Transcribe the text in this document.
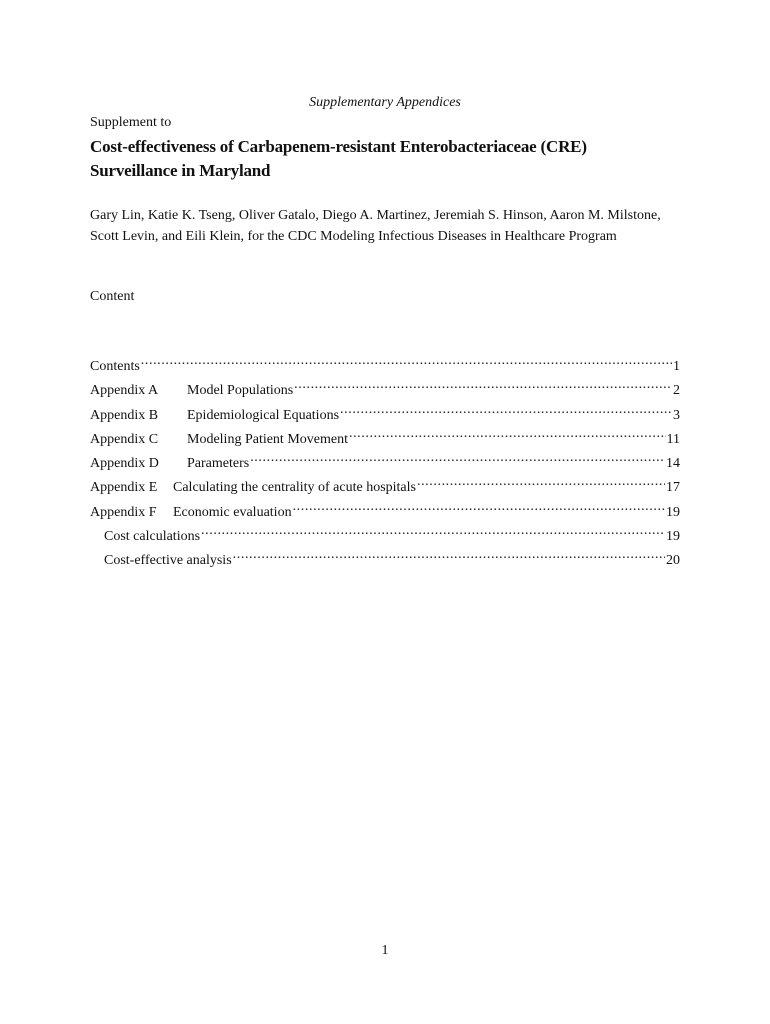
Supplementary Appendices
Supplement to
Cost-effectiveness of Carbapenem-resistant Enterobacteriaceae (CRE)
Surveillance in Maryland
Gary Lin, Katie K. Tseng, Oliver Gatalo, Diego A. Martinez, Jeremiah S. Hinson, Aaron M. Milstone, Scott Levin, and Eili Klein, for the CDC Modeling Infectious Diseases in Healthcare Program
Content
Contents .....	1
Appendix A	Model Populations .....	2
Appendix B	Epidemiological Equations .....	3
Appendix C	Modeling Patient Movement .....	11
Appendix D	Parameters .....	14
Appendix E	Calculating the centrality of acute hospitals .....	17
Appendix F	Economic evaluation .....	19
Cost calculations .....	19
Cost-effective analysis .....	20
1
